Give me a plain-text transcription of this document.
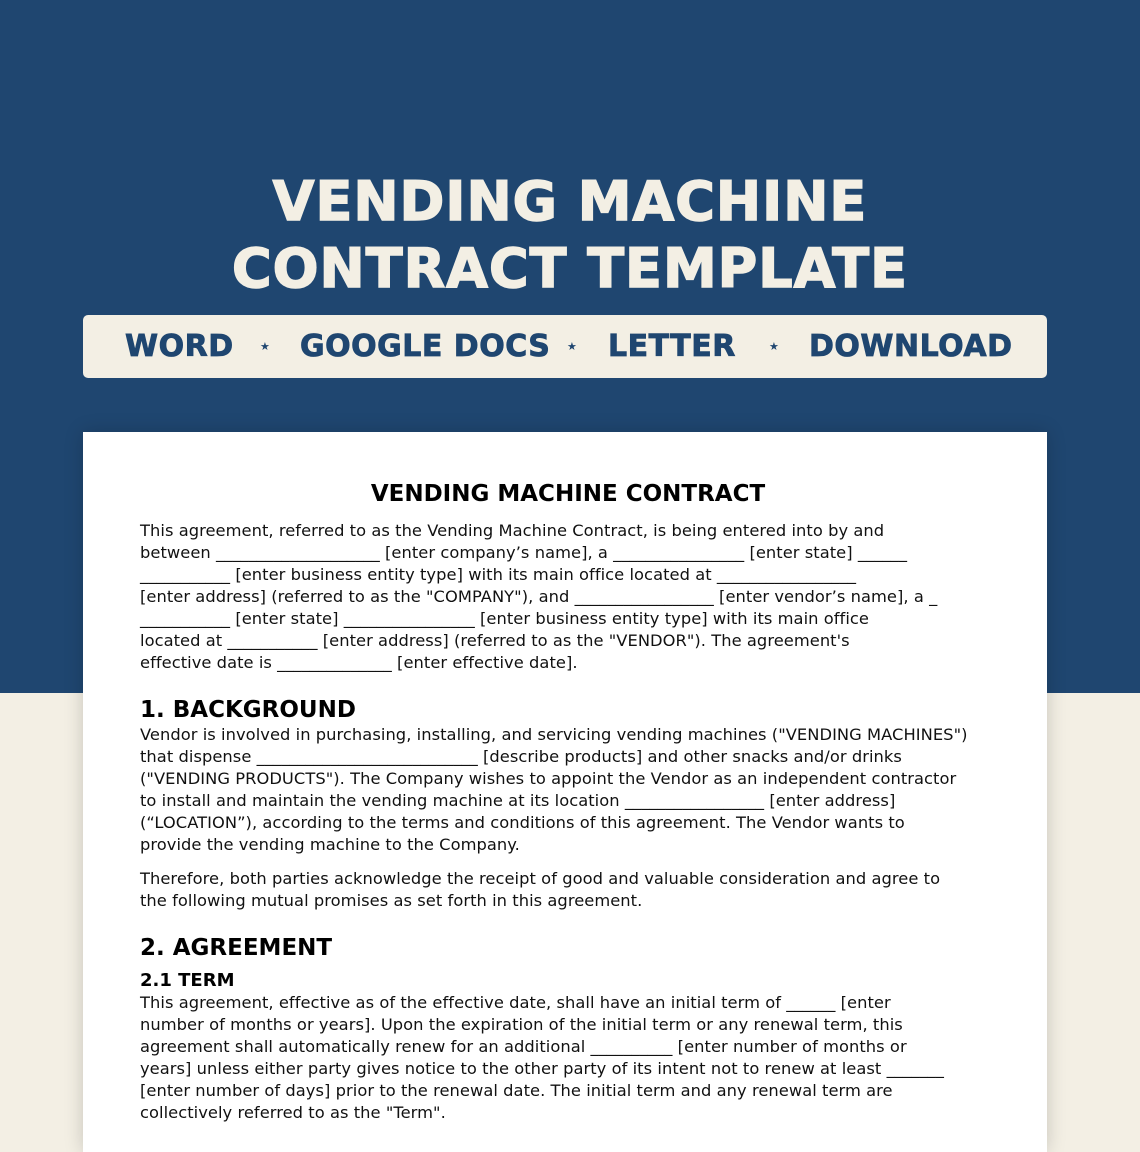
VENDING MACHINE
CONTRACT TEMPLATE
WORD ★ GOOGLE DOCS ★ LETTER	★ DOWNLOAD
VENDING MACHINE CONTRACT
This agreement, referred to as the Vending Machine Contract, is being entered into by and
between ____________________ [enter company’s name], a ________________ [enter state] ______
___________ [enter business entity type] with its main office located at _________________
[enter address] (referred to as the "COMPANY"), and _________________ [enter vendor’s name], a _
___________ [enter state] ________________ [enter business entity type] with its main office
located at ___________ [enter address] (referred to as the "VENDOR"). The agreement's
effective date is ______________ [enter effective date].
1. BACKGROUND
Vendor is involved in purchasing, installing, and servicing vending machines ("VENDING MACHINES")
that dispense ___________________________ [describe products] and other snacks and/or drinks
("VENDING PRODUCTS"). The Company wishes to appoint the Vendor as an independent contractor
to install and maintain the vending machine at its location _________________ [enter address]
(“LOCATION”), according to the terms and conditions of this agreement. The Vendor wants to
provide the vending machine to the Company.
Therefore, both parties acknowledge the receipt of good and valuable consideration and agree to
the following mutual promises as set forth in this agreement.
2. AGREEMENT
2.1 TERM
This agreement, effective as of the effective date, shall have an initial term of ______ [enter
number of months or years]. Upon the expiration of the initial term or any renewal term, this
agreement shall automatically renew for an additional __________ [enter number of months or
years] unless either party gives notice to the other party of its intent not to renew at least _______
[enter number of days] prior to the renewal date. The initial term and any renewal term are
collectively referred to as the "Term".
